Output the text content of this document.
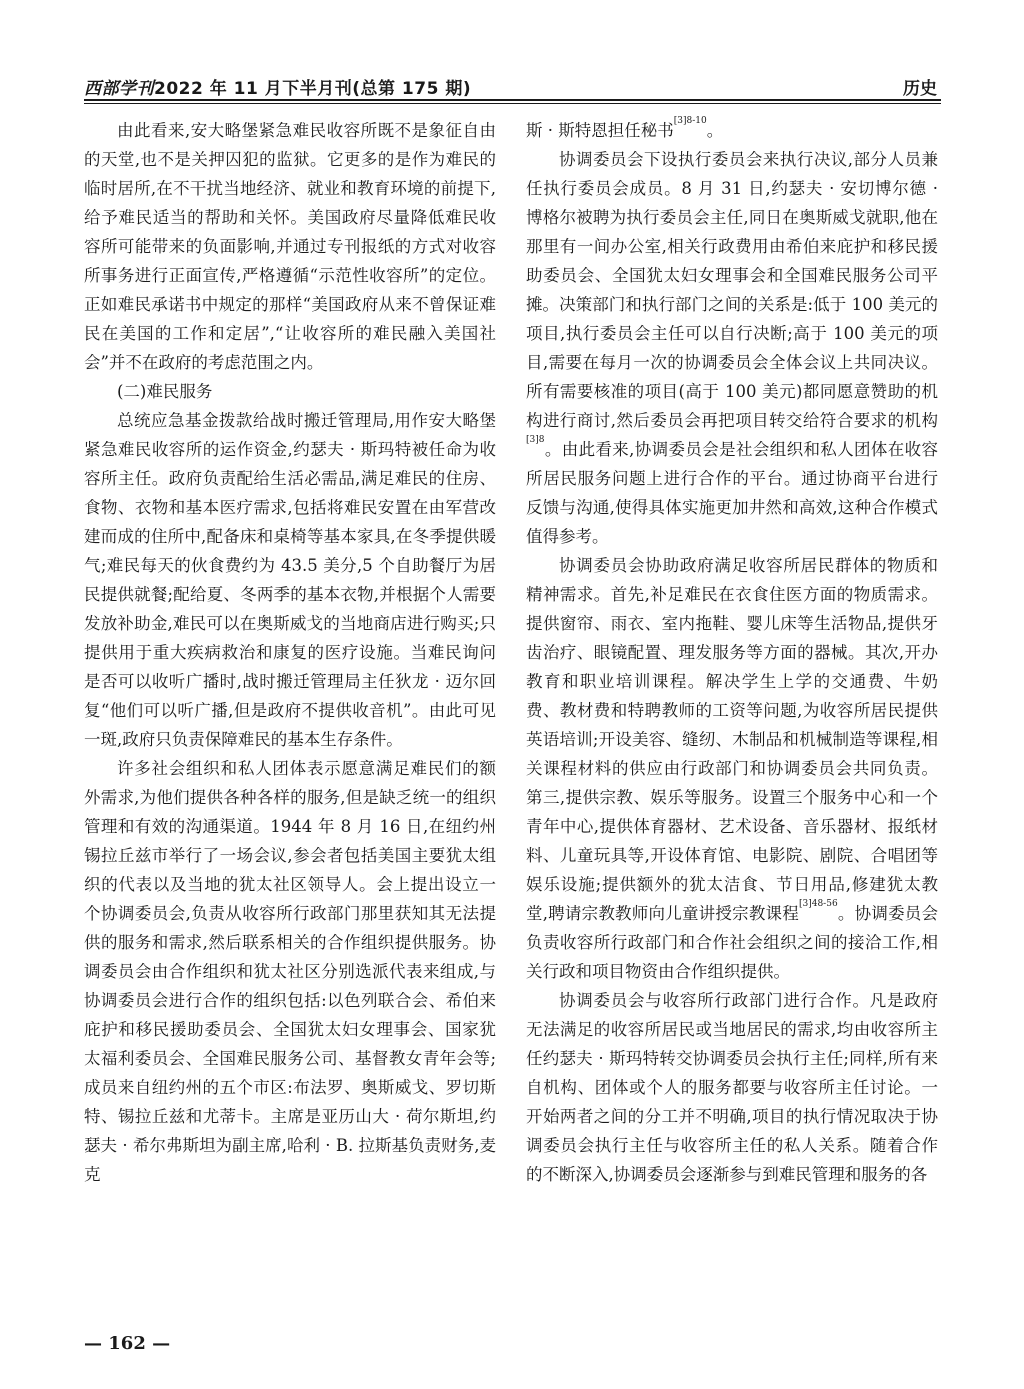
西部学刊2022 年 11 月下半月刊(总第 175 期)	历史

由此看来,安大略堡紧急难民收容所既不是象征自由的天堂,也不是关押囚犯的监狱。它更多的是作为难民的临时居所,在不干扰当地经济、就业和教育环境的前提下,给予难民适当的帮助和关怀。美国政府尽量降低难民收容所可能带来的负面影响,并通过专刊报纸的方式对收容所事务进行正面宣传,严格遵循“示范性收容所”的定位。正如难民承诺书中规定的那样“美国政府从来不曾保证难民在美国的工作和定居”,“让收容所的难民融入美国社会”并不在政府的考虑范围之内。

(二)难民服务

总统应急基金拨款给战时搬迁管理局,用作安大略堡紧急难民收容所的运作资金,约瑟夫 · 斯玛特被任命为收容所主任。政府负责配给生活必需品,满足难民的住房、食物、衣物和基本医疗需求,包括将难民安置在由军营改建而成的住所中,配备床和桌椅等基本家具,在冬季提供暖气;难民每天的伙食费约为 43.5 美分,5 个自助餐厅为居民提供就餐;配给夏、冬两季的基本衣物,并根据个人需要发放补助金,难民可以在奥斯威戈的当地商店进行购买;只提供用于重大疾病救治和康复的医疗设施。当难民询问是否可以收听广播时,战时搬迁管理局主任狄龙 · 迈尔回复“他们可以听广播,但是政府不提供收音机”。由此可见一斑,政府只负责保障难民的基本生存条件。

许多社会组织和私人团体表示愿意满足难民们的额外需求,为他们提供各种各样的服务,但是缺乏统一的组织管理和有效的沟通渠道。1944 年 8 月 16 日,在纽约州锡拉丘兹市举行了一场会议,参会者包括美国主要犹太组织的代表以及当地的犹太社区领导人。会上提出设立一个协调委员会,负责从收容所行政部门那里获知其无法提供的服务和需求,然后联系相关的合作组织提供服务。协调委员会由合作组织和犹太社区分别选派代表来组成,与协调委员会进行合作的组织包括:以色列联合会、希伯来庇护和移民援助委员会、全国犹太妇女理事会、国家犹太福利委员会、全国难民服务公司、基督教女青年会等;成员来自纽约州的五个市区:布法罗、奥斯威戈、罗切斯特、锡拉丘兹和尤蒂卡。主席是亚历山大 · 荷尔斯坦,约瑟夫 · 希尔弗斯坦为副主席,哈利 · B. 拉斯基负责财务,麦克

斯 · 斯特恩担任秘书$^{[3]8-10}$。

协调委员会下设执行委员会来执行决议,部分人员兼任执行委员会成员。8 月 31 日,约瑟夫 · 安切博尔德 · 博格尔被聘为执行委员会主任,同日在奥斯威戈就职,他在那里有一间办公室,相关行政费用由希伯来庇护和移民援助委员会、全国犹太妇女理事会和全国难民服务公司平摊。决策部门和执行部门之间的关系是:低于 100 美元的项目,执行委员会主任可以自行决断;高于 100 美元的项目,需要在每月一次的协调委员会全体会议上共同决议。所有需要核准的项目(高于 100 美元)都同愿意赞助的机构进行商讨,然后委员会再把项目转交给符合要求的机构$^{[3]8}$。由此看来,协调委员会是社会组织和私人团体在收容所居民服务问题上进行合作的平台。通过协商平台进行反馈与沟通,使得具体实施更加井然和高效,这种合作模式值得参考。

协调委员会协助政府满足收容所居民群体的物质和精神需求。首先,补足难民在衣食住医方面的物质需求。提供窗帘、雨衣、室内拖鞋、婴儿床等生活物品,提供牙齿治疗、眼镜配置、理发服务等方面的器械。其次,开办教育和职业培训课程。解决学生上学的交通费、牛奶费、教材费和特聘教师的工资等问题,为收容所居民提供英语培训;开设美容、缝纫、木制品和机械制造等课程,相关课程材料的供应由行政部门和协调委员会共同负责。第三,提供宗教、娱乐等服务。设置三个服务中心和一个青年中心,提供体育器材、艺术设备、音乐器材、报纸材料、儿童玩具等,开设体育馆、电影院、剧院、合唱团等娱乐设施;提供额外的犹太洁食、节日用品,修建犹太教堂,聘请宗教教师向儿童讲授宗教课程$^{[3]48-56}$。协调委员会负责收容所行政部门和合作社会组织之间的接洽工作,相关行政和项目物资由合作组织提供。

协调委员会与收容所行政部门进行合作。凡是政府无法满足的收容所居民或当地居民的需求,均由收容所主任约瑟夫 · 斯玛特转交协调委员会执行主任;同样,所有来自机构、团体或个人的服务都要与收容所主任讨论。一开始两者之间的分工并不明确,项目的执行情况取决于协调委员会执行主任与收容所主任的私人关系。随着合作的不断深入,协调委员会逐渐参与到难民管理和服务的各

— 162 —
